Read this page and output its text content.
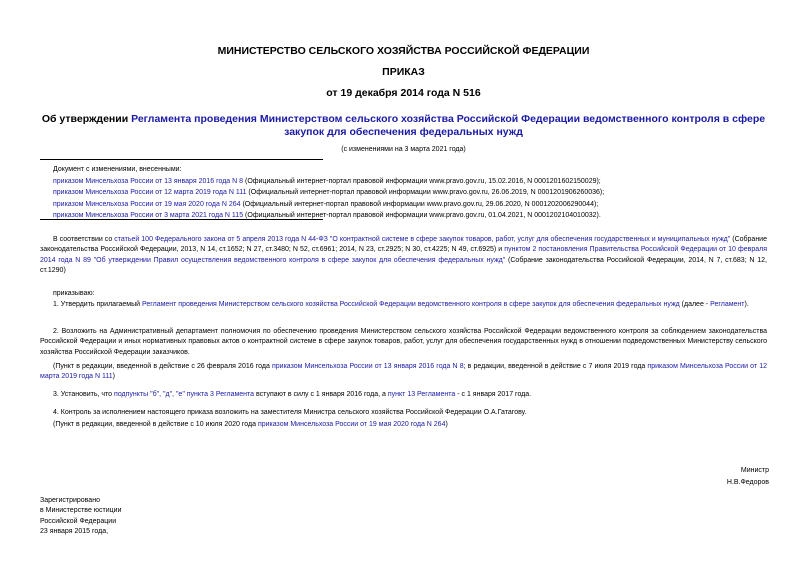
МИНИСТЕРСТВО СЕЛЬСКОГО ХОЗЯЙСТВА РОССИЙСКОЙ ФЕДЕРАЦИИ
ПРИКАЗ
от 19 декабря 2014 года N 516
Об утверждении Регламента проведения Министерством сельского хозяйства Российской Федерации ведомственного контроля в сфере закупок для обеспечения федеральных нужд
(с изменениями на 3 марта 2021 года)
Документ с изменениями, внесенными:
приказом Минсельхоза России от 13 января 2016 года N 8 (Официальный интернет-портал правовой информации www.pravo.gov.ru, 15.02.2016, N 0001201602150029);
приказом Минсельхоза России от 12 марта 2019 года N 111 (Официальный интернет-портал правовой информации www.pravo.gov.ru, 26.06.2019, N 0001201906260036);
приказом Минсельхоза России от 19 мая 2020 года N 264 (Официальный интернет-портал правовой информации www.pravo.gov.ru, 29.06.2020, N 0001202006290044);
приказом Минсельхоза России от 3 марта 2021 года N 115 (Официальный интернет-портал правовой информации www.pravo.gov.ru, 01.04.2021, N 0001202104010032).
В соответствии со статьей 100 Федерального закона от 5 апреля 2013 года N 44-ФЗ "О контрактной системе в сфере закупок товаров, работ, услуг для обеспечения государственных и муниципальных нужд" (Собрание законодательства Российской Федерации, 2013, N 14, ст.1652; N 27, ст.3480; N 52, ст.6961; 2014, N 23, ст.2925; N 30, ст.4225; N 49, ст.6925) и пунктом 2 постановления Правительства Российской Федерации от 10 февраля 2014 года N 89 "Об утверждении Правил осуществления ведомственного контроля в сфере закупок для обеспечения федеральных нужд" (Собрание законодательства Российской Федерации, 2014, N 7, ст.683; N 12, ст.1290)
приказываю:
1. Утвердить прилагаемый Регламент проведения Министерством сельского хозяйства Российской Федерации ведомственного контроля в сфере закупок для обеспечения федеральных нужд (далее - Регламент).
2. Возложить на Административный департамент полномочия по обеспечению проведения Министерством сельского хозяйства Российской Федерации ведомственного контроля за соблюдением законодательства Российской Федерации и иных нормативных правовых актов о контрактной системе в сфере закупок товаров, работ, услуг для обеспечения государственных нужд в отношении подведомственных Министерству сельского хозяйства Российской Федерации заказчиков.
(Пункт в редакции, введенной в действие с 26 февраля 2016 года приказом Минсельхоза России от 13 января 2016 года N 8; в редакции, введенной в действие с 7 июля 2019 года приказом Минсельхоза России от 12 марта 2019 года N 111)
3. Установить, что подпункты "б", "д", "е" пункта 3 Регламента вступают в силу с 1 января 2016 года, а пункт 13 Регламента - с 1 января 2017 года.
4. Контроль за исполнением настоящего приказа возложить на заместителя Министра сельского хозяйства Российской Федерации О.А.Гатагову.
(Пункт в редакции, введенной в действие с 10 июля 2020 года приказом Минсельхоза России от 19 мая 2020 года N 264)
Министр
Н.В.Федоров
Зарегистрировано
в Министерстве юстиции
Российской Федерации
23 января 2015 года,
